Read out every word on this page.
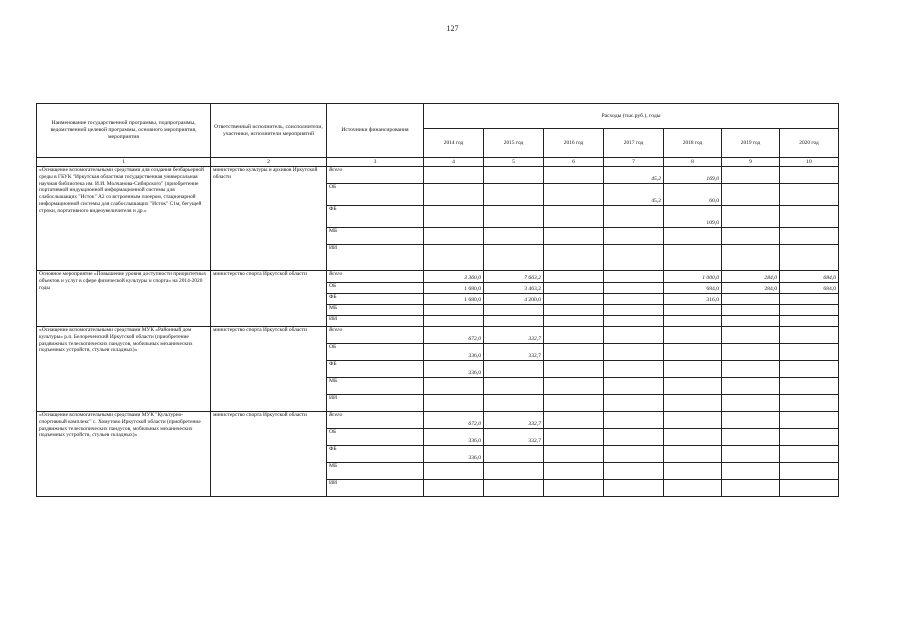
127
Наименование государственной программы, подпрограммы, ведомственной целевой программы, основного мероприятия, мероприятия	Ответственный исполнитель, соисполнители, участники, исполнители мероприятий	Источники финансирования	Расходы (тыс.руб.), годы						
			2014 год	2015 год	2016 год	2017 год	2018 год	2019 год	2020 год
1	2	3	4	5	6	7	8	9	10
«Оснащение вспомогательными средствами для создания безбарьерной среды в ГБУК "Иркутская областная государственная универсальная научная библиотека им. И.И. Молчанова-Сибирского" (приобретение портативной индукционной информационной системы для слабослышащих "Исток" А2 со встроенным плеером, стационарной информационной системы для слабослышащих "Исток" С1м, бегущей строки, портативного видеоувеличителя и др.»	министерство культуры и архивов Иркутской области	Всего				45,2	169,0		
		ОБ				45,2	60,0		
		ФБ					109,0		
		МБ							
		ИИ							
Основное мероприятие «Повышение уровня доступности приоритетных объектов и услуг в сфере физической культуры и спорта» на 2014-2020 годы	министерство спорта Иркутской области	Всего	3 360,0	7 663,2			1 000,0	284,0	684,0
		ОБ	1 680,0	3 463,2			684,0	284,0	684,0
		ФБ	1 680,0	4 200,0			316,0		
		МБ							
		ИИ							
«Оснащение вспомогательными средствами МУК «Районный дом культуры» р.п. Белореченский Иркутской области (приобретение раздвижных телескопических пандусов, мобильных механических подъемных устройств, стульев складных)»	министерство спорта Иркутской области	Всего	672,0	332,7					
		ОБ	336,0	332,7					
		ФБ	336,0						
		МБ							
		ИИ							
«Оснащение вспомогательными средствами МУК "Культурно-спортивный комплекс" с. Хомутово Иркутской области (приобретение раздвижных телескопических пандусов, мобильных механических подъемных устройств, стульев складных)»	министерство спорта Иркутской области	Всего	672,0	332,7					
		ОБ	336,0	332,7					
		ФБ	336,0						
		МБ							
		ИИ							
